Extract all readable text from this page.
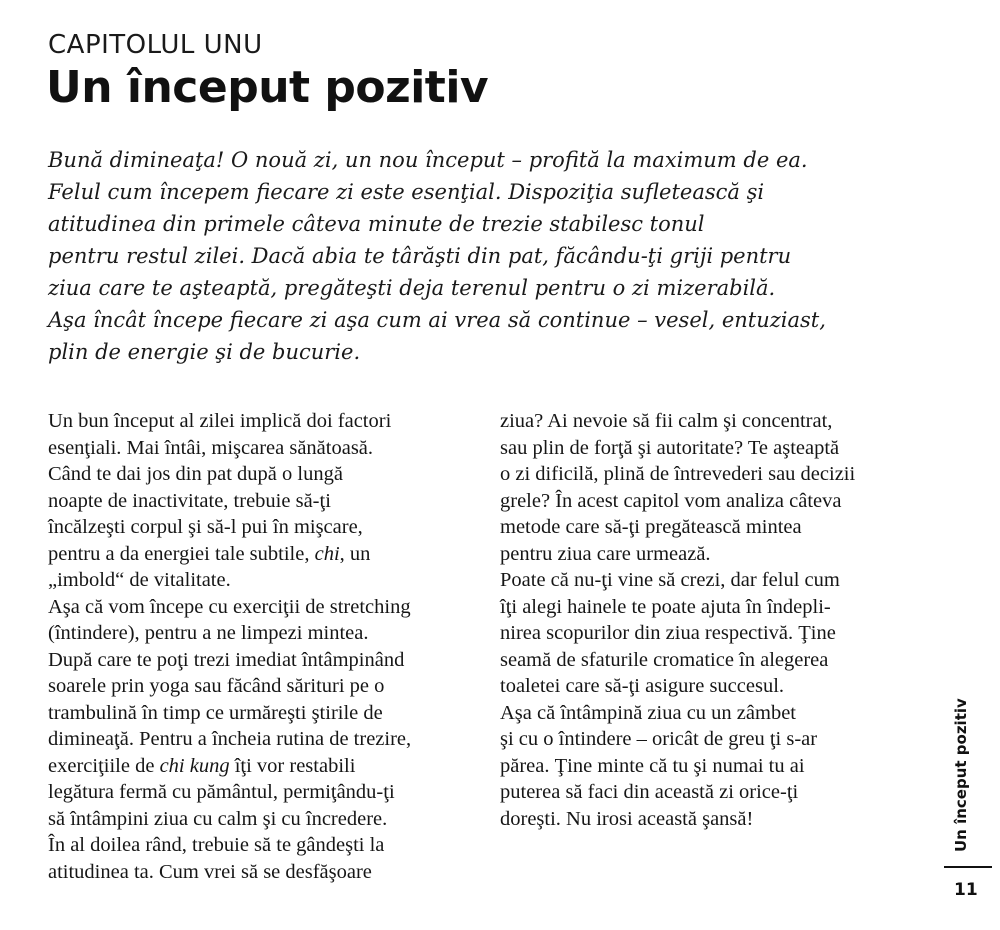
CAPITOLUL UNU
Un început pozitiv

Bună dimineaţa! O nouă zi, un nou început – profită la maximum de ea.
Felul cum începem fiecare zi este esenţial. Dispoziţia sufletească şi
atitudinea din primele câteva minute de trezie stabilesc tonul
pentru restul zilei. Dacă abia te târăşti din pat, făcându-ţi griji pentru
ziua care te aşteaptă, pregăteşti deja terenul pentru o zi mizerabilă.
Aşa încât începe fiecare zi aşa cum ai vrea să continue – vesel, entuziast,
plin de energie şi de bucurie.

Un bun început al zilei implică doi factori
esenţiali. Mai întâi, mişcarea sănătoasă.
Când te dai jos din pat după o lungă
noapte de inactivitate, trebuie să-ţi
încălzeşti corpul şi să-l pui în mişcare,
pentru a da energiei tale subtile, chi, un
„imbold“ de vitalitate.
Aşa că vom începe cu exerciţii de stretching
(întindere), pentru a ne limpezi mintea.
După care te poţi trezi imediat întâmpinând
soarele prin yoga sau făcând sărituri pe o
trambulină în timp ce urmăreşti ştirile de
dimineaţă. Pentru a încheia rutina de trezire,
exerciţiile de chi kung îţi vor restabili
legătura fermă cu pământul, permiţându-ţi
să întâmpini ziua cu calm şi cu încredere.
În al doilea rând, trebuie să te gândeşti la
atitudinea ta. Cum vrei să se desfăşoare
ziua? Ai nevoie să fii calm şi concentrat,
sau plin de forţă şi autoritate? Te aşteaptă
o zi dificilă, plină de întrevederi sau decizii
grele? În acest capitol vom analiza câteva
metode care să-ţi pregătească mintea
pentru ziua care urmează.
Poate că nu-ţi vine să crezi, dar felul cum
îţi alegi hainele te poate ajuta în îndepli-
nirea scopurilor din ziua respectivă. Ţine
seamă de sfaturile cromatice în alegerea
toaletei care să-ţi asigure succesul.
Aşa că întâmpină ziua cu un zâmbet
şi cu o întindere – oricât de greu ţi s-ar
părea. Ţine minte că tu şi numai tu ai
puterea să faci din această zi orice-ţi
doreşti. Nu irosi această şansă!	Un început pozitiv
11
